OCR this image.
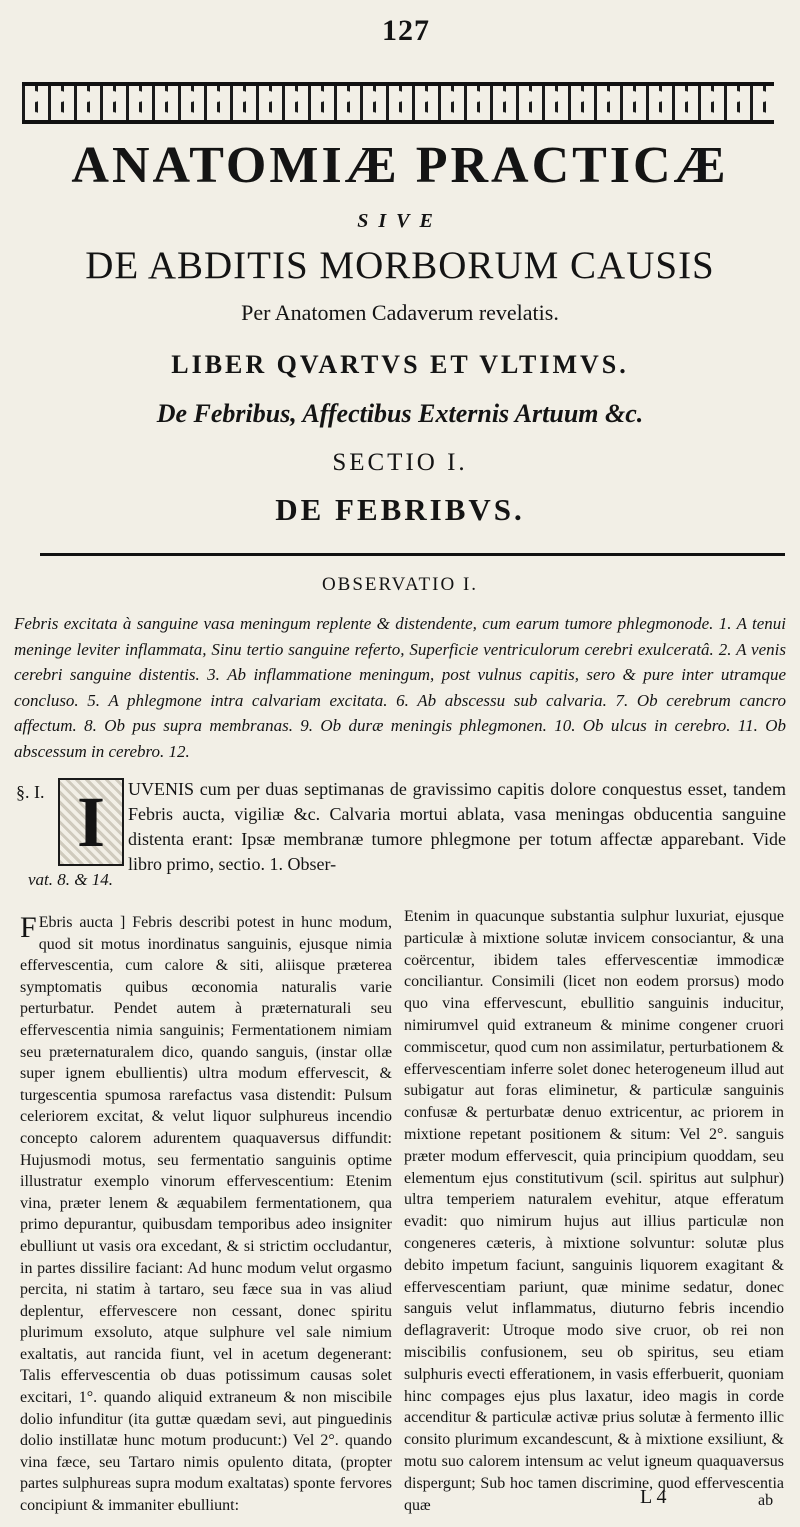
127
ANATOMIÆ PRACTICÆ
SIVE
DE ABDITIS MORBORUM CAUSIS
Per Anatomen Cadaverum revelatis.
LIBER QVARTVS ET VLTIMVS.
De Febribus, Affectibus Externis Artuum &c.
SECTIO I.
DE FEBRIBVS.
OBSERVATIO I.

Febris excitata à sanguine vasa meningum replente & distendente, cum earum tumore phlegmonode. 1. A tenui meninge leviter inflammata, Sinu tertio sanguine referto, Superficie ventriculorum cerebri exulceratâ. 2. A venis cerebri sanguine distentis. 3. Ab inflammatione meningum, post vulnus capitis, sero & pure inter utramque concluso. 5. A phlegmone intra calvariam excitata. 6. Ab abscessu sub calvaria. 7. Ob cerebrum cancro affectum. 8. Ob pus supra membranas. 9. Ob duræ meningis phlegmonen. 10. Ob ulcus in cerebro. 11. Ob abscessum in cerebro. 12.

§. I. I	UVENIS cum per duas septimanas de gravissimo capitis dolore conquestus esset, tandem Febris aucta, vigiliæ &c. Calvaria mortui ablata, vasa meningas obducentia sanguine distenta erant: Ipsæ membranæ tumore phlegmone per totum affectæ apparebant. Vide libro primo, sectio. 1. Obser-
vat. 8. & 14.
F Ebris aucta ] Febris describi potest in hunc modum, quod sit motus inordinatus sanguinis, ejusque nimia effervescentia, cum calore & siti, aliisque præterea symptomatis quibus œconomia naturalis varie perturbatur. Pendet autem à præternaturali seu effervescentia nimia sanguinis; Fermentationem nimiam seu præternaturalem dico, quando sanguis, (instar ollæ super ignem ebullientis) ultra modum effervescit, & turgescentia spumosa rarefactus vasa distendit: Pulsum celeriorem excitat, & velut liquor sulphureus incendio concepto calorem adurentem quaquaversus diffundit: Hujusmodi motus, seu fermentatio sanguinis optime illustratur exemplo vinorum effervescentium: Etenim vina, præter lenem & æquabilem fermentationem, qua primo depurantur, quibusdam temporibus adeo insigniter ebulliunt ut vasis ora excedant, & si strictim occludantur, in partes dissilire faciant: Ad hunc modum velut orgasmo percita, ni statim à tartaro, seu fæce sua in vas aliud deplentur, effervescere non cessant, donec spiritu plurimum exsoluto, atque sulphure vel sale nimium exaltatis, aut rancida fiunt, vel in acetum degenerant: Talis effervescentia ob duas potissimum causas solet excitari, 1°. quando aliquid extraneum & non miscibile dolio infunditur (ita guttæ quædam sevi, aut pinguedinis dolio instillatæ hunc motum producunt:) Vel 2°. quando vina fæce, seu Tartaro nimis opulento ditata, (propter partes sulphureas supra modum exaltatas) sponte fervores concipiunt & immaniter ebulliunt:

Etenim in quacunque substantia sulphur luxuriat, ejusque particulæ à mixtione solutæ invicem consociantur, & una coërcentur, ibidem tales effervescentiæ immodicæ conciliantur. Consimili (licet non eodem prorsus) modo quo vina effervescunt, ebullitio sanguinis inducitur, nimirumvel quid extraneum & minime congener cruori commiscetur, quod cum non assimilatur, perturbationem & effervescentiam inferre solet donec heterogeneum illud aut subigatur aut foras eliminetur, & particulæ sanguinis confusæ & perturbatæ denuo extricentur, ac priorem in mixtione repetant positionem & situm: Vel 2°. sanguis præter modum effervescit, quia principium quoddam, seu elementum ejus constitutivum (scil. spiritus aut sulphur) ultra temperiem naturalem evehitur, atque efferatum evadit: quo nimirum hujus aut illius particulæ non congeneres cæteris, à mixtione solvuntur: solutæ plus debito impetum faciunt, sanguinis liquorem exagitant & effervescentiam pariunt, quæ minime sedatur, donec sanguis velut inflammatus, diuturno febris incendio deflagraverit: Utroque modo sive cruor, ob rei non miscibilis confusionem, seu ob spiritus, seu etiam sulphuris evecti efferationem, in vasis efferbuerit, quoniam hinc compages ejus plus laxatur, ideo magis in corde accenditur & particulæ activæ prius solutæ à fermento illic consito plurimum excandescunt, & à mixtione exsiliunt, & motu suo calorem intensum ac velut igneum quaquaversus dispergunt; Sub hoc tamen discrimine, quod effervescentia quæ	L 4	ab
